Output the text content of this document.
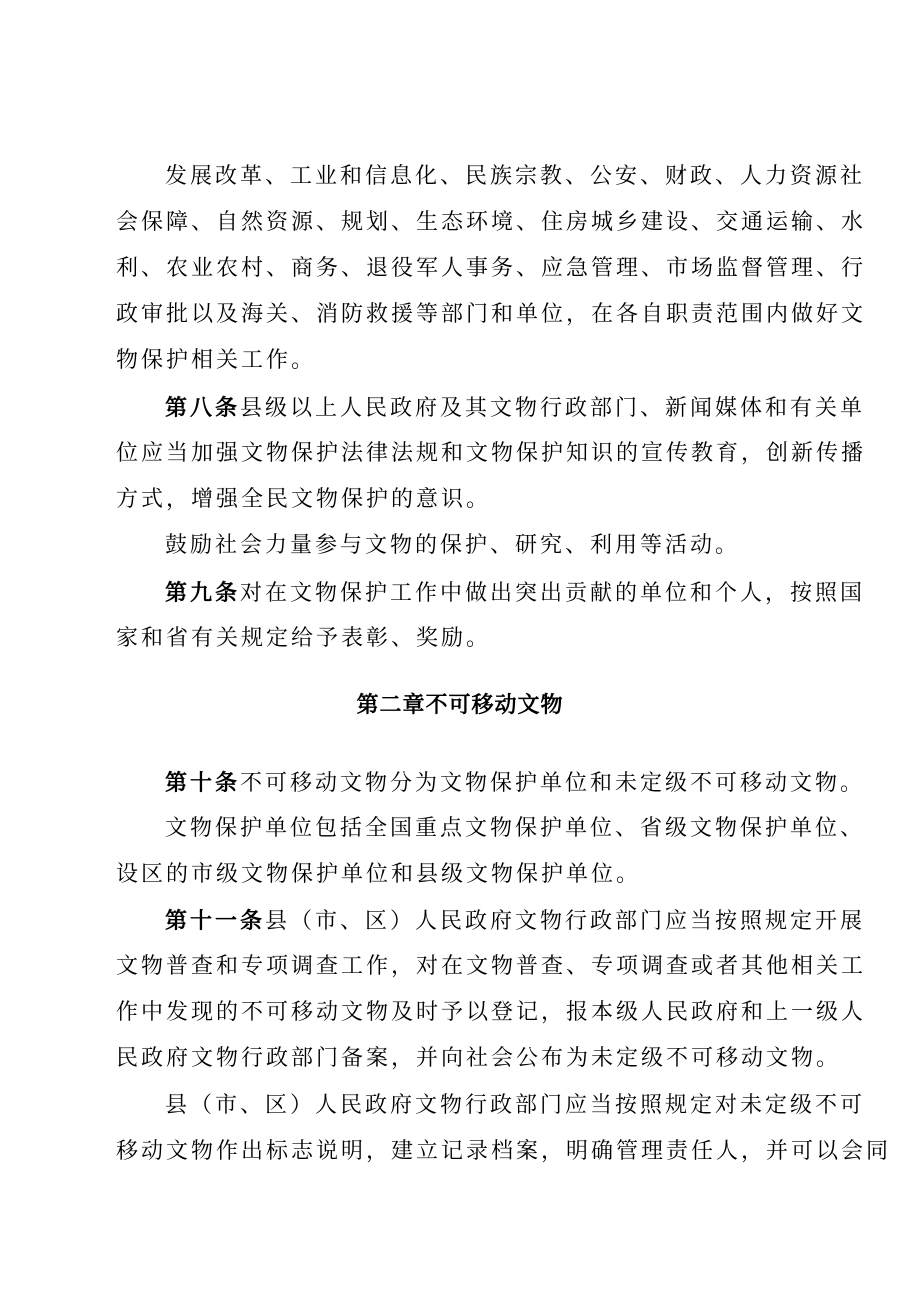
发展改革、工业和信息化、民族宗教、公安、财政、人力资源社
会保障、自然资源、规划、生态环境、住房城乡建设、交通运输、水
利、农业农村、商务、退役军人事务、应急管理、市场监督管理、行
政审批以及海关、消防救援等部门和单位，在各自职责范围内做好文
物保护相关工作。
第八条县级以上人民政府及其文物行政部门、新闻媒体和有关单
位应当加强文物保护法律法规和文物保护知识的宣传教育，创新传播
方式，增强全民文物保护的意识。
鼓励社会力量参与文物的保护、研究、利用等活动。
第九条对在文物保护工作中做出突出贡献的单位和个人，按照国
家和省有关规定给予表彰、奖励。
第二章不可移动文物
第十条不可移动文物分为文物保护单位和未定级不可移动文物。
文物保护单位包括全国重点文物保护单位、省级文物保护单位、
设区的市级文物保护单位和县级文物保护单位。
第十一条县（市、区）人民政府文物行政部门应当按照规定开展
文物普查和专项调查工作，对在文物普查、专项调查或者其他相关工
作中发现的不可移动文物及时予以登记，报本级人民政府和上一级人
民政府文物行政部门备案，并向社会公布为未定级不可移动文物。
县（市、区）人民政府文物行政部门应当按照规定对未定级不可
移动文物作出标志说明，建立记录档案，明确管理责任人，并可以会同
